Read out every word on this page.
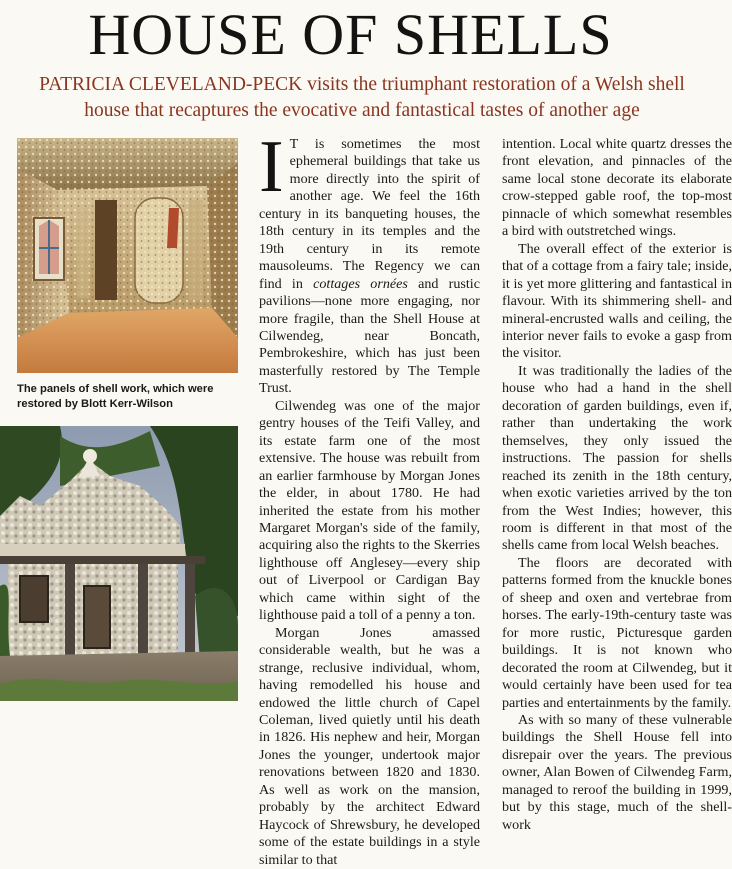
HOUSE OF SHELLS

PATRICIA CLEVELAND-PECK visits the triumphant restoration of a Welsh shell house that recaptures the evocative and fantastical tastes of another age

The panels of shell work, which were restored by Blott Kerr-Wilson

I T is sometimes the most ephemeral buildings that take us more directly into the spirit of another age. We feel the 16th century in its banqueting houses, the 18th century in its temples and the 19th century in its remote mausoleums. The Regency we can find in cottages ornées and rustic pavilions—none more engaging, nor more fragile, than the Shell House at Cilwendeg, near Boncath, Pembrokeshire, which has just been masterfully restored by The Temple Trust.

Cilwendeg was one of the major gentry houses of the Teifi Valley, and its estate farm one of the most extensive. The house was rebuilt from an earlier farmhouse by Morgan Jones the elder, in about 1780. He had inherited the estate from his mother Margaret Morgan's side of the family, acquiring also the rights to the Skerries lighthouse off Anglesey—every ship out of Liverpool or Cardigan Bay which came within sight of the lighthouse paid a toll of a penny a ton.

Morgan Jones amassed considerable wealth, but he was a strange, reclusive individual, whom, having remodelled his house and endowed the little church of Capel Coleman, lived quietly until his death in 1826. His nephew and heir, Morgan Jones the younger, undertook major renovations between 1820 and 1830. As well as work on the mansion, probably by the architect Edward Haycock of Shrewsbury, he developed some of the estate buildings in a style similar to that

intention. Local white quartz dresses the front elevation, and pinnacles of the same local stone decorate its elaborate crow-stepped gable roof, the top-most pinnacle of which somewhat resembles a bird with outstretched wings.

The overall effect of the exterior is that of a cottage from a fairy tale; inside, it is yet more glittering and fantastical in flavour. With its shimmering shell- and mineral-encrusted walls and ceiling, the interior never fails to evoke a gasp from the visitor.

It was traditionally the ladies of the house who had a hand in the shell decoration of garden buildings, even if, rather than undertaking the work themselves, they only issued the instructions. The passion for shells reached its zenith in the 18th century, when exotic varieties arrived by the ton from the West Indies; however, this room is different in that most of the shells came from local Welsh beaches.

The floors are decorated with patterns formed from the knuckle bones of sheep and oxen and vertebrae from horses. The early-19th-century taste was for more rustic, Picturesque garden buildings. It is not known who decorated the room at Cilwendeg, but it would certainly have been used for tea parties and entertainments by the family.

As with so many of these vulnerable buildings the Shell House fell into disrepair over the years. The previous owner, Alan Bowen of Cilwendeg Farm, managed to reroof the building in 1999, but by this stage, much of the shell-work
